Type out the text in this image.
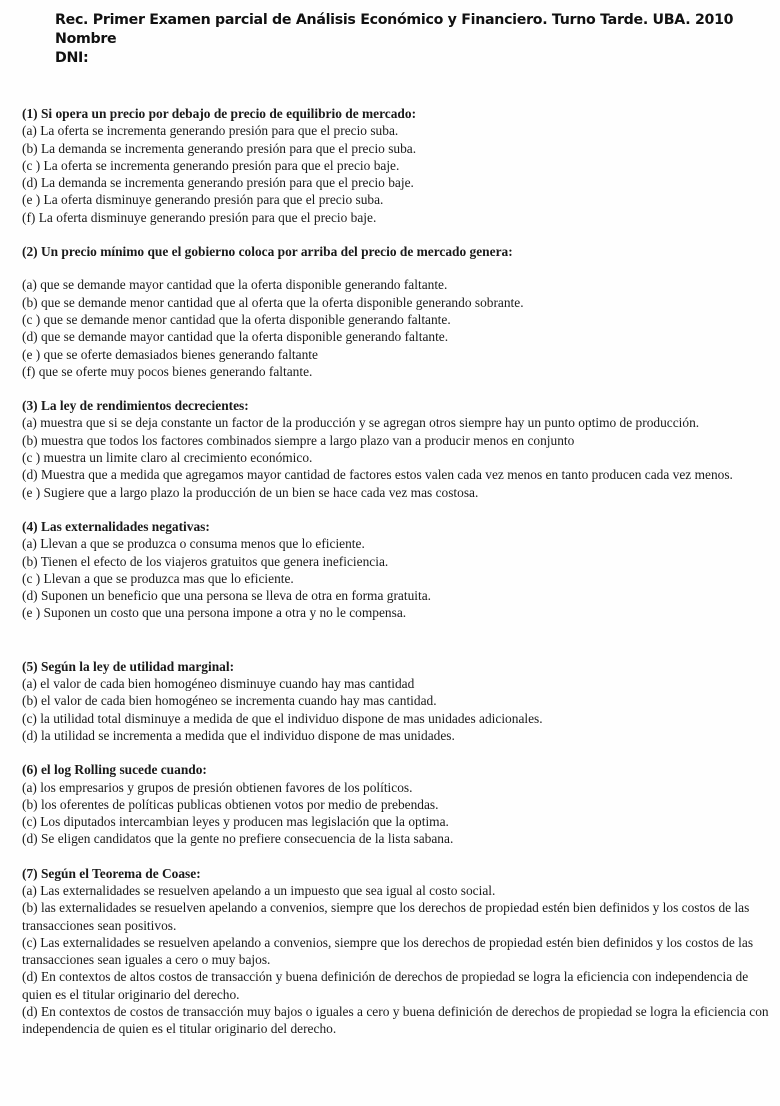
Rec. Primer Examen parcial de Análisis Económico y Financiero. Turno Tarde. UBA. 2010
Nombre
DNI:

(1) Si opera un precio por debajo de precio de equilibrio de mercado:

(a) La oferta se incrementa generando presión para que el precio suba.

(b) La demanda se incrementa generando presión para que el precio suba.

(c ) La oferta se incrementa generando presión para que el precio baje.

(d) La demanda se incrementa generando presión para que el precio baje.

(e ) La oferta disminuye generando presión para que el precio suba.

(f) La oferta disminuye generando presión para que el precio baje.

(2) Un precio mínimo que el gobierno coloca por arriba del precio de mercado genera:

(a) que se demande mayor cantidad que la oferta disponible generando faltante.

(b) que se demande menor cantidad que al oferta que la oferta disponible generando sobrante.

(c ) que se demande menor cantidad que la oferta disponible generando faltante.

(d) que se demande mayor cantidad que la oferta disponible generando faltante.

(e ) que se oferte demasiados bienes generando faltante

(f) que se oferte muy pocos bienes generando faltante.

(3) La ley de rendimientos decrecientes:

(a) muestra que si se deja constante un factor de la producción y se agregan otros siempre hay un punto optimo de producción.

(b) muestra que todos los factores combinados siempre a largo plazo van a producir menos en conjunto

(c ) muestra un limite claro al crecimiento económico.

(d) Muestra que a medida que agregamos mayor cantidad de factores estos valen cada vez menos en tanto producen cada vez menos.

(e ) Sugiere que a largo plazo la producción de un bien se hace cada vez mas costosa.

(4) Las externalidades negativas:

(a) Llevan a que se produzca o consuma menos que lo eficiente.

(b) Tienen el efecto de los viajeros gratuitos que genera ineficiencia.

(c ) Llevan a que se produzca mas que lo eficiente.

(d) Suponen un beneficio que una persona se lleva de otra en forma gratuita.

(e ) Suponen un costo que una persona impone a otra y no le compensa.

(5) Según la ley de utilidad marginal:

(a) el valor de cada bien homogéneo disminuye cuando hay mas cantidad

(b) el valor de cada bien homogéneo se incrementa cuando hay mas cantidad.

(c) la utilidad total disminuye a medida de que el individuo dispone de mas unidades adicionales.

(d) la utilidad se incrementa a medida que el individuo dispone de mas unidades.

(6) el log Rolling sucede cuando:

(a) los empresarios y grupos de presión obtienen favores de los políticos.

(b) los oferentes de políticas publicas obtienen votos por medio de prebendas.

(c) Los diputados intercambian leyes y producen mas legislación que la optima.

(d) Se eligen candidatos que la gente no prefiere consecuencia de la lista sabana.

(7) Según el Teorema de Coase:

(a) Las externalidades se resuelven apelando a un impuesto que sea igual al costo social.

(b) las externalidades se resuelven apelando a convenios, siempre que los derechos de propiedad estén bien definidos y los costos de las transacciones sean positivos.

(c) Las externalidades se resuelven apelando a convenios, siempre que los derechos de propiedad estén bien definidos y los costos de las transacciones sean iguales a cero o muy bajos.

(d) En contextos de altos costos de transacción y buena definición de derechos de propiedad se logra la eficiencia con independencia de quien es el titular originario del derecho.

(d) En contextos de costos de transacción muy bajos o iguales a cero y buena definición de derechos de propiedad se logra la eficiencia con independencia de quien es el titular originario del derecho.
